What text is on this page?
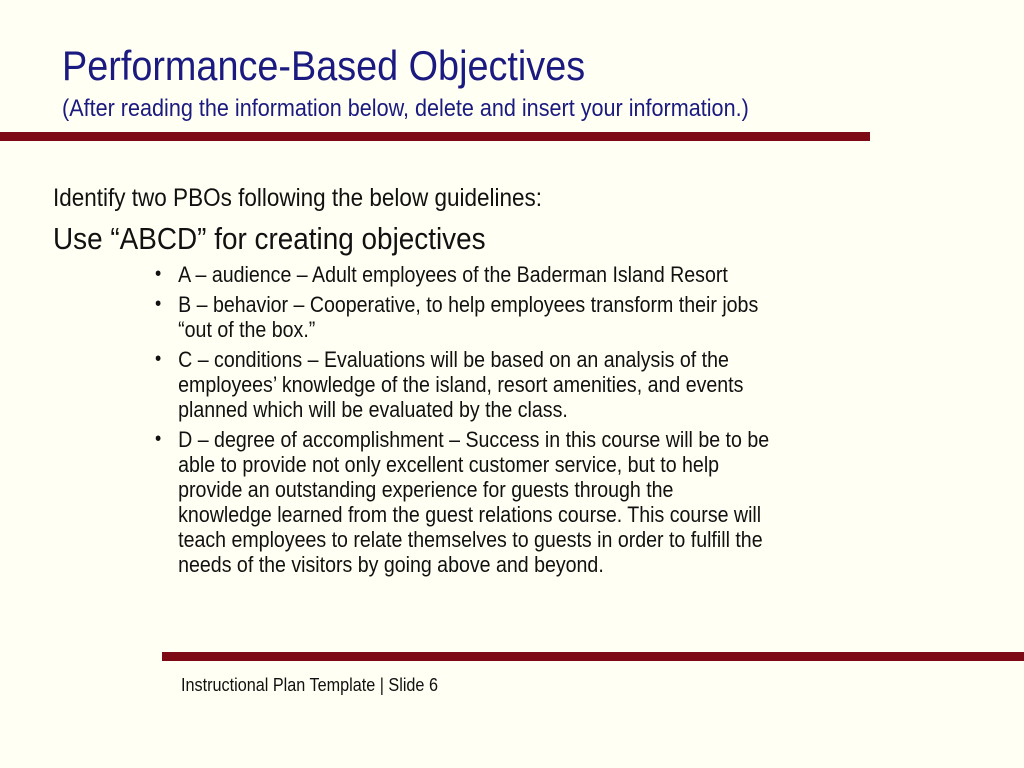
Performance-Based Objectives

(After reading the information below, delete and insert your information.)

Identify two PBOs following the below guidelines:
Use “ABCD” for creating objectives
• A – audience – Adult employees of the Baderman Island Resort
• B – behavior – Cooperative, to help employees transform their jobs
“out of the box.”
• C – conditions – Evaluations will be based on an analysis of the
employees’ knowledge of the island, resort amenities, and events
planned which will be evaluated by the class.
• D – degree of accomplishment – Success in this course will be to be
able to provide not only excellent customer service, but to help
provide an outstanding experience for guests through the
knowledge learned from the guest relations course. This course will
teach employees to relate themselves to guests in order to fulfill the
needs of the visitors by going above and beyond.
Instructional Plan Template | Slide 6
